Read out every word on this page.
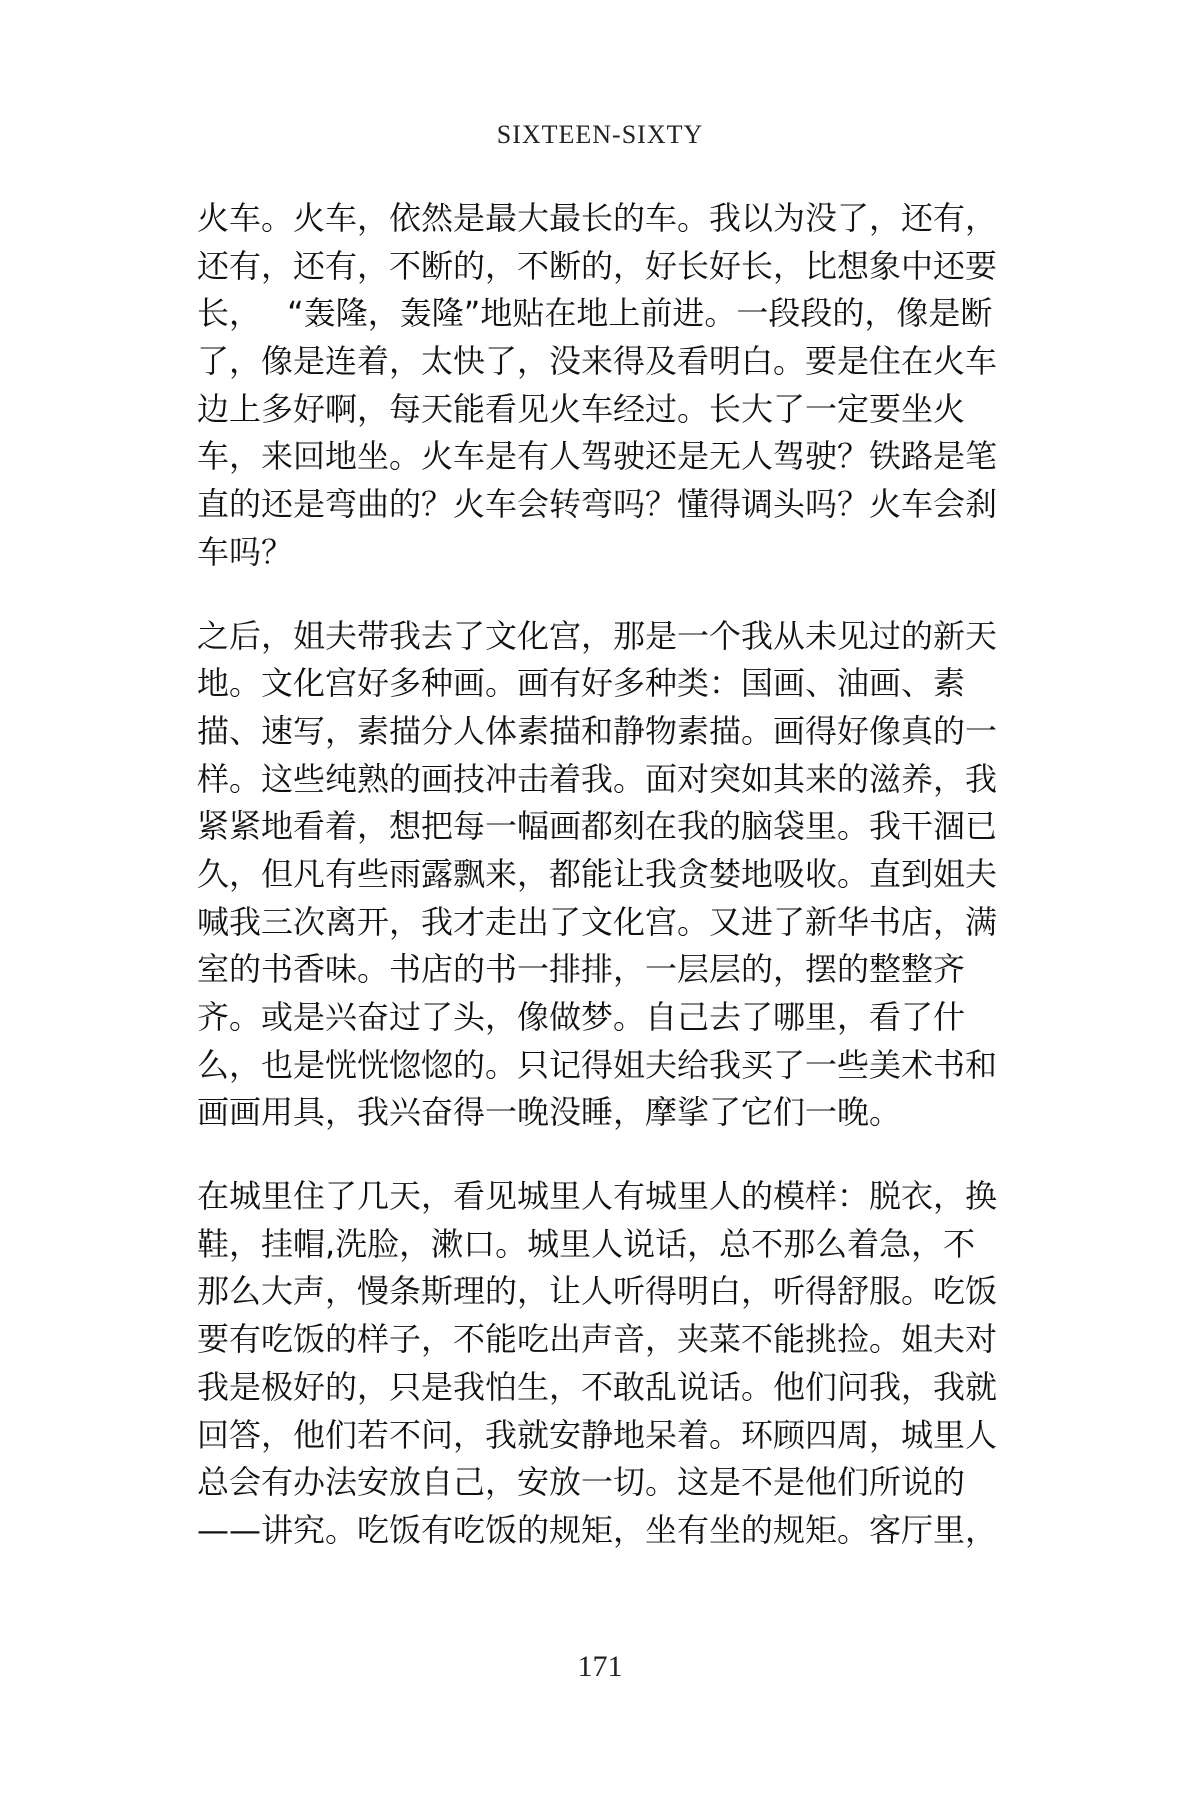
SIXTEEN-SIXTY
火车。火车，依然是最大最长的车。我以为没了，还有，
还有，还有，不断的，不断的，好长好长，比想象中还要
长，　 “轰隆，轰隆”地贴在地上前进。一段段的，像是断
了，像是连着，太快了，没来得及看明白。要是住在火车
边上多好啊，每天能看见火车经过。长大了一定要坐火
车，来回地坐。火车是有人驾驶还是无人驾驶？铁路是笔
直的还是弯曲的？火车会转弯吗？懂得调头吗？火车会刹
车吗？
之后，姐夫带我去了文化宫，那是一个我从未见过的新天
地。文化宫好多种画。画有好多种类：国画、油画、素
描、速写，素描分人体素描和静物素描。画得好像真的一
样。这些纯熟的画技冲击着我。面对突如其来的滋养，我
紧紧地看着，想把每一幅画都刻在我的脑袋里。我干涸已
久，但凡有些雨露飘来，都能让我贪婪地吸收。直到姐夫
喊我三次离开，我才走出了文化宫。又进了新华书店，满
室的书香味。书店的书一排排，一层层的，摆的整整齐
齐。或是兴奋过了头，像做梦。自己去了哪里，看了什
么，也是恍恍惚惚的。只记得姐夫给我买了一些美术书和
画画用具，我兴奋得一晚没睡，摩挲了它们一晚。
在城里住了几天，看见城里人有城里人的模样：脱衣，换
鞋，挂帽,洗脸，漱口。城里人说话，总不那么着急，不
那么大声，慢条斯理的，让人听得明白，听得舒服。吃饭
要有吃饭的样子，不能吃出声音，夹菜不能挑捡。姐夫对
我是极好的，只是我怕生，不敢乱说话。他们问我，我就
回答，他们若不问，我就安静地呆着。环顾四周，城里人
总会有办法安放自己，安放一切。这是不是他们所说的
——讲究。吃饭有吃饭的规矩，坐有坐的规矩。客厅里，
171
